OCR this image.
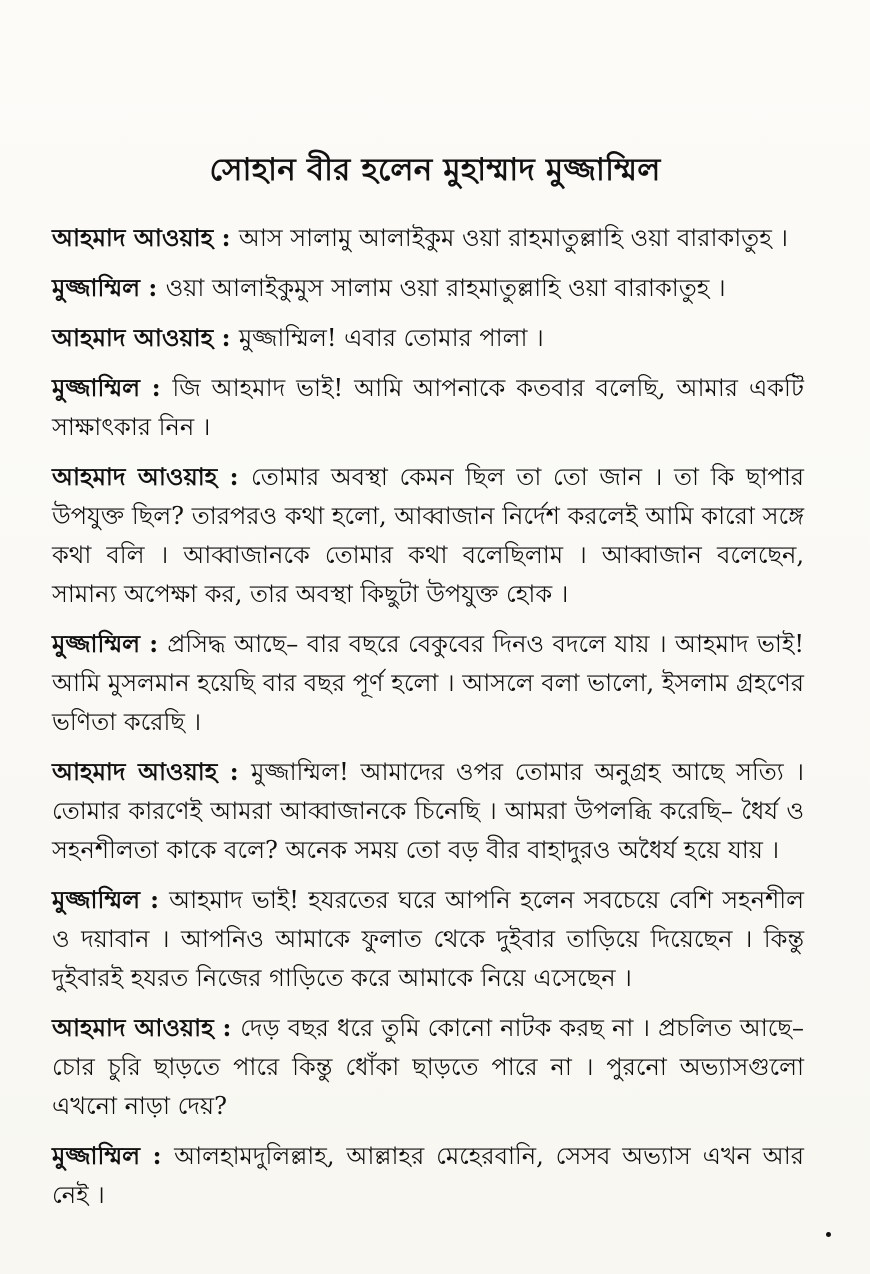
সোহান বীর হলেন মুহাম্মাদ মুজ্জাম্মিল

আহমাদ আওয়াহ : আস সালামু আলাইকুম ওয়া রাহমাতুল্লাহি ওয়া বারাকাতুহ ।

মুজ্জাম্মিল : ওয়া আলাইকুমুস সালাম ওয়া রাহমাতুল্লাহি ওয়া বারাকাতুহ ।

আহমাদ আওয়াহ : মুজ্জাম্মিল! এবার তোমার পালা ।

মুজ্জাম্মিল : জি আহমাদ ভাই! আমি আপনাকে কতবার বলেছি, আমার একটি সাক্ষাৎকার নিন ।

আহমাদ আওয়াহ : তোমার অবস্থা কেমন ছিল তা তো জান । তা কি ছাপার উপযুক্ত ছিল? তারপরও কথা হলো, আব্বাজান নির্দেশ করলেই আমি কারো সঙ্গে কথা বলি । আব্বাজানকে তোমার কথা বলেছিলাম । আব্বাজান বলেছেন, সামান্য অপেক্ষা কর, তার অবস্থা কিছুটা উপযুক্ত হোক ।

মুজ্জাম্মিল : প্রসিদ্ধ আছে– বার বছরে বেকুবের দিনও বদলে যায় । আহমাদ ভাই! আমি মুসলমান হয়েছি বার বছর পূর্ণ হলো । আসলে বলা ভালো, ইসলাম গ্রহণের ভণিতা করেছি ।

আহমাদ আওয়াহ : মুজ্জাম্মিল! আমাদের ওপর তোমার অনুগ্রহ আছে সত্যি । তোমার কারণেই আমরা আব্বাজানকে চিনেছি । আমরা উপলব্ধি করেছি– ধৈর্য ও সহনশীলতা কাকে বলে? অনেক সময় তো বড় বীর বাহাদুরও অধৈর্য হয়ে যায় ।

মুজ্জাম্মিল : আহমাদ ভাই! হযরতের ঘরে আপনি হলেন সবচেয়ে বেশি সহনশীল ও দয়াবান । আপনিও আমাকে ফুলাত থেকে দুইবার তাড়িয়ে দিয়েছেন । কিন্তু দুইবারই হযরত নিজের গাড়িতে করে আমাকে নিয়ে এসেছেন ।

আহমাদ আওয়াহ : দেড় বছর ধরে তুমি কোনো নাটক করছ না । প্রচলিত আছে– চোর চুরি ছাড়তে পারে কিন্তু ধোঁকা ছাড়তে পারে না । পুরনো অভ্যাসগুলো এখনো নাড়া দেয়?

মুজ্জাম্মিল : আলহামদুলিল্লাহ, আল্লাহর মেহেরবানি, সেসব অভ্যাস এখন আর নেই ।
